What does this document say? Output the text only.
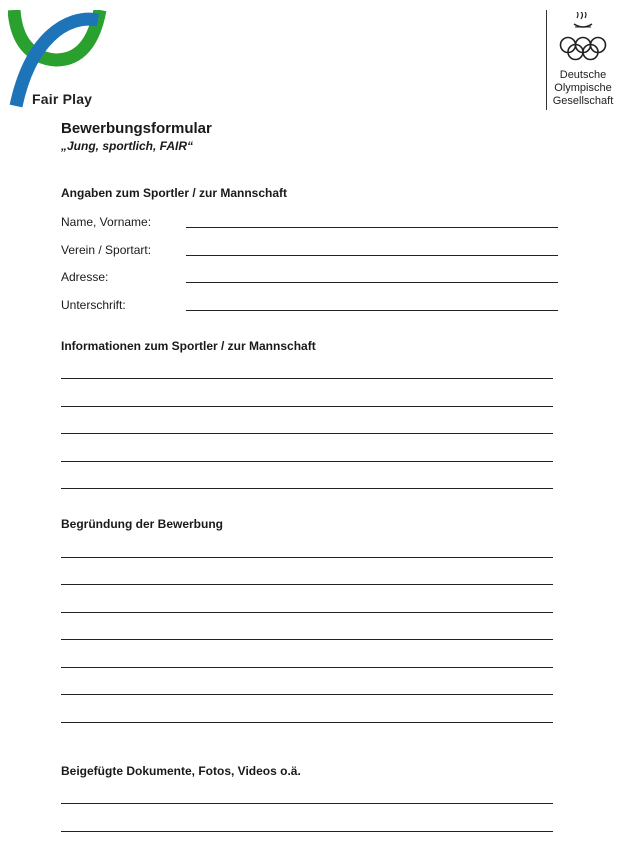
Fair Play
Deutsche
Olympische
Gesellschaft
Bewerbungsformular
„Jung, sportlich, FAIR“
Angaben zum Sportler / zur Mannschaft
Name, Vorname:
Verein / Sportart:
Adresse:
Unterschrift:
Informationen zum Sportler / zur Mannschaft
Begründung der Bewerbung
Beigefügte Dokumente, Fotos, Videos o.ä.
